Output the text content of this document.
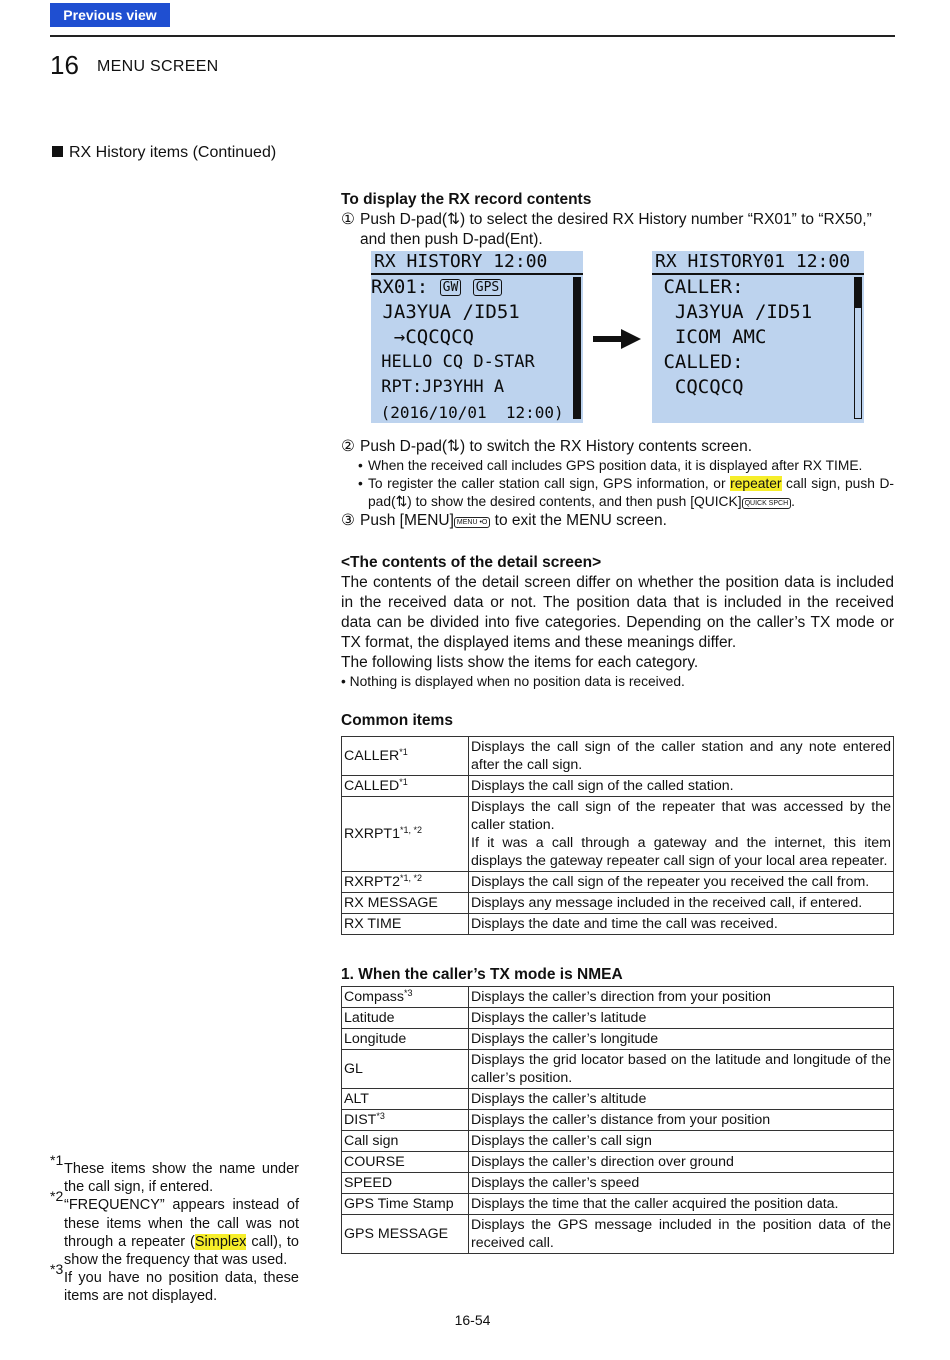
Previous view
16 MENU SCREEN
RX History items (Continued)
To display the RX record contents
① Push D-pad(⇅) to select the desired RX History number “RX01” to “RX50,” and then push D-pad(Ent).
RX HISTORY 12:00
RX01: GW GPS
JA3YUA /ID51
→CQCQCQ
HELLO CQ D-STAR
RPT:JP3YHH A
(2016/10/01  12:00)
RX HISTORY01 12:00
CALLER:
JA3YUA /ID51
ICOM AMC
CALLED:
CQCQCQ
② Push D-pad(⇅) to switch the RX History contents screen.
• When the received call includes GPS position data, it is displayed after RX TIME.
• To register the caller station call sign, GPS information, or repeater call sign, push D-pad(⇅) to show the desired contents, and then push [QUICK] QUICK SPCH .
③ Push [MENU] MENU •O to exit the MENU screen.
<The contents of the detail screen>
The contents of the detail screen differ on whether the position data is included in the received data or not. The position data that is included in the received data can be divided into five categories. Depending on the caller’s TX mode or TX format, the displayed items and these meanings differ.
The following lists show the items for each category.
• Nothing is displayed when no position data is received.
Common items
CALLER$^{*1}$	Displays the call sign of the caller station and any note entered after the call sign.
CALLED$^{*1}$	Displays the call sign of the called station.
$RXRPT1^{*1, *2}$	Displays the call sign of the repeater that was accessed by the caller station.
If it was a call through a gateway and the internet, this item displays the gateway repeater call sign of your local area repeater.

$RXRPT2^{*1, *2}$	Displays the call sign of the repeater you received the call from.
RX MESSAGE	Displays any message included in the received call, if entered.
RX TIME	Displays the date and time the call was received.
1. When the caller’s TX mode is NMEA
Compass$^{*3}$	Displays the caller’s direction from your position
Latitude	Displays the caller’s latitude
Longitude	Displays the caller’s longitude
GL	Displays the grid locator based on the latitude and longitude of the caller’s position.
ALT	Displays the caller’s altitude
DIST$^{*3}$	Displays the caller’s distance from your position
Call sign	Displays the caller’s call sign
COURSE	Displays the caller’s direction over ground
SPEED	Displays the caller’s speed
GPS Time Stamp	Displays the time that the caller acquired the position data.
GPS MESSAGE	Displays the GPS message included in the position data of the received call.
*1
These items show the name under the call sign, if entered.
*2
“FREQUENCY” appears instead of these items when the call was not through a repeater (Simplex call), to show the frequency that was used.
*3
If you have no position data, these items are not displayed.
16-54
